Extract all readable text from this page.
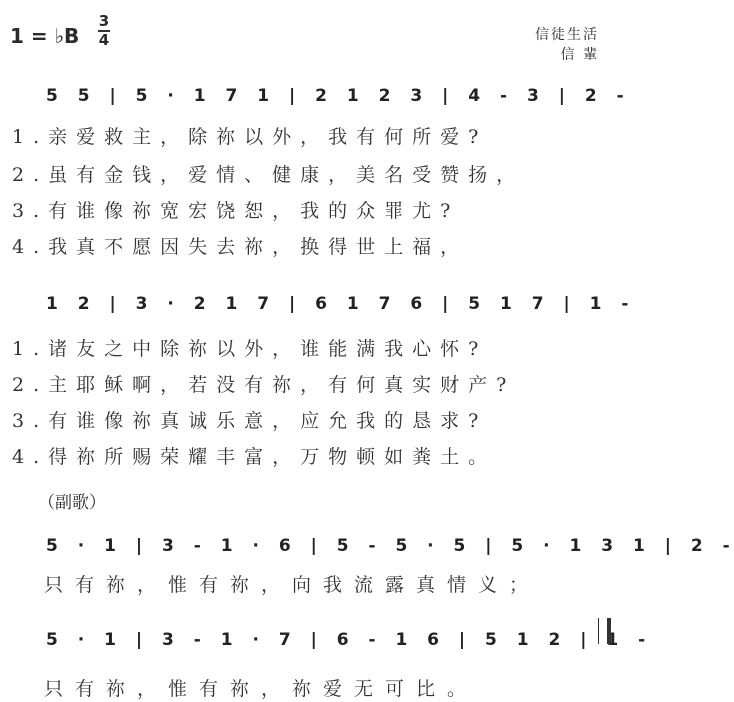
1 = ♭B
3
4	信徒生活
信 輩
5 5 | 5 · 1 7 1 | 2 1 2 3 | 4 - 3 | 2 -
1.亲爱救主，除祢以外，我有何所爱?
2.虽有金钱，爱情、健康，美名受赞扬，
3.有谁像祢宽宏饶恕，我的众罪尤?
4.我真不愿因失去祢，换得世上福，
1 2 | 3 · 2 1 7 | 6 1 7 6 | 5 1 7 | 1 -
1.诸友之中除祢以外，谁能满我心怀?
2.主耶稣啊，若没有祢，有何真实财产?
3.有谁像祢真诚乐意，应允我的恳求?
4.得祢所赐荣耀丰富，万物顿如粪土。
（副歌）
5 · 1 | 3 - 1 · 6 | 5 - 5 · 5 | 5 · 1 3 1 | 2 -
只有祢，惟有祢，向我流露真情义；
5 · 1 | 3 - 1 · 7 | 6 - 1 6 | 5 1 2 | 1 -
只有祢，惟有祢，祢爱无可比。
